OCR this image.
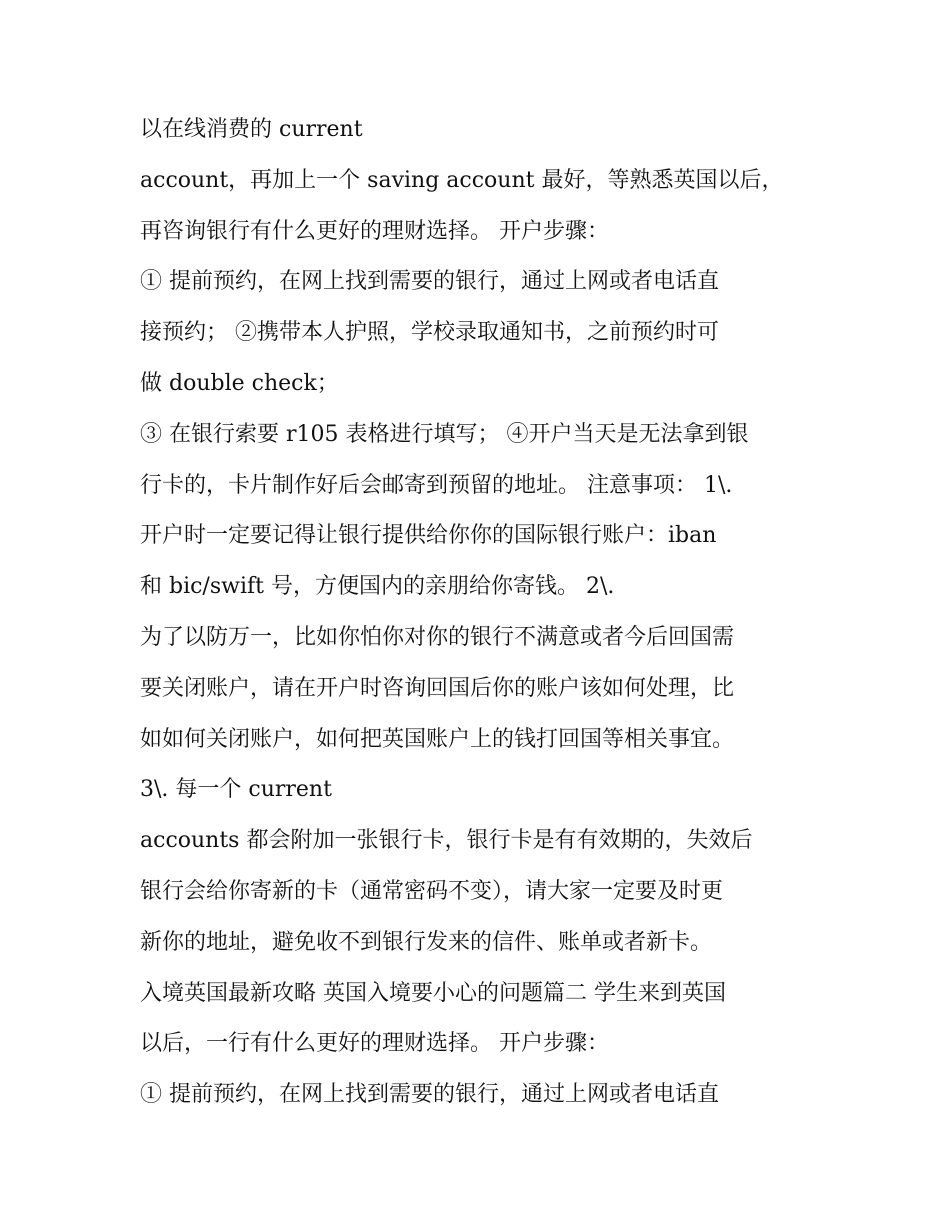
以在线消费的 current
account，再加上一个 saving account 最好，等熟悉英国以后，
再咨询银行有什么更好的理财选择。 开户步骤：
① 提前预约，在网上找到需要的银行，通过上网或者电话直
接预约； ②携带本人护照，学校录取通知书，之前预约时可
做 double check；
③ 在银行索要 r105 表格进行填写； ④开户当天是无法拿到银
行卡的，卡片制作好后会邮寄到预留的地址。 注意事项： 1\.
开户时一定要记得让银行提供给你你的国际银行账户：iban
和 bic/swift 号，方便国内的亲朋给你寄钱。 2\.
为了以防万一，比如你怕你对你的银行不满意或者今后回国需
要关闭账户，请在开户时咨询回国后你的账户该如何处理，比
如如何关闭账户，如何把英国账户上的钱打回国等相关事宜。
3\. 每一个 current
accounts 都会附加一张银行卡，银行卡是有有效期的，失效后
银行会给你寄新的卡（通常密码不变），请大家一定要及时更
新你的地址，避免收不到银行发来的信件、账单或者新卡。
入境英国最新攻略 英国入境要小心的问题篇二 学生来到英国
以后，一行有什么更好的理财选择。 开户步骤：
① 提前预约，在网上找到需要的银行，通过上网或者电话直
